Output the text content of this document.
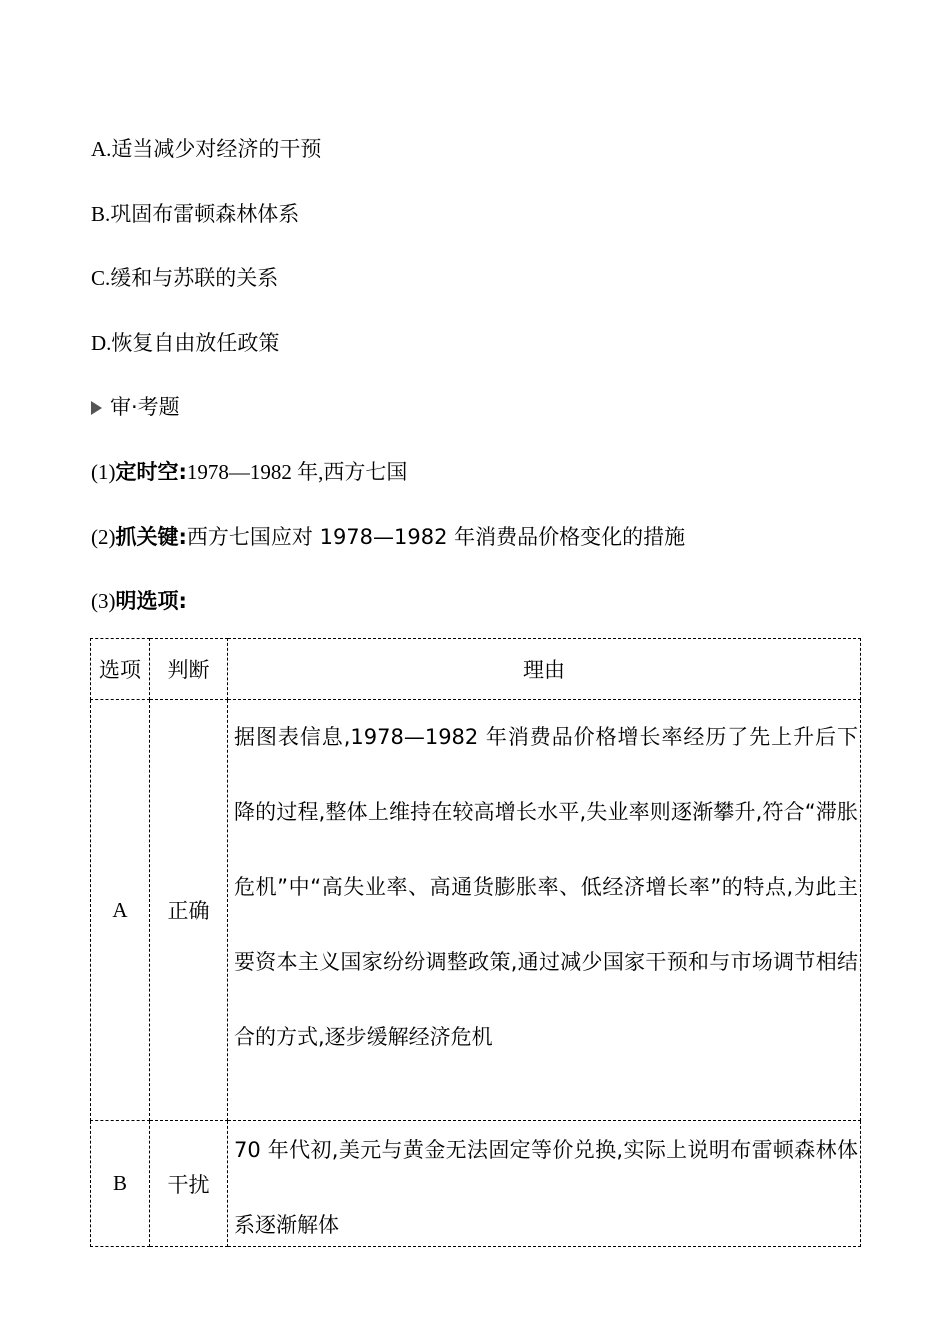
A.适当减少对经济的干预
B.巩固布雷顿森林体系
C.缓和与苏联的关系
D.恢复自由放任政策
审·考题
(1)定时空:1978—1982 年,西方七国
(2)抓关键:西方七国应对 1978—1982 年消费品价格变化的措施
(3)明选项:
选项	判断	理由
A	正确	据图表信息,1978—1982 年消费品价格增长率经历了先上升后下降的过程,整体上维持在较高增长水平,失业率则逐渐攀升,符合“滞胀危机”中“高失业率、高通货膨胀率、低经济增长率”的特点,为此主要资本主义国家纷纷调整政策,通过减少国家干预和与市场调节相结合的方式,逐步缓解经济危机

B	干扰	70 年代初,美元与黄金无法固定等价兑换,实际上说明布雷顿森林体系逐渐解体
